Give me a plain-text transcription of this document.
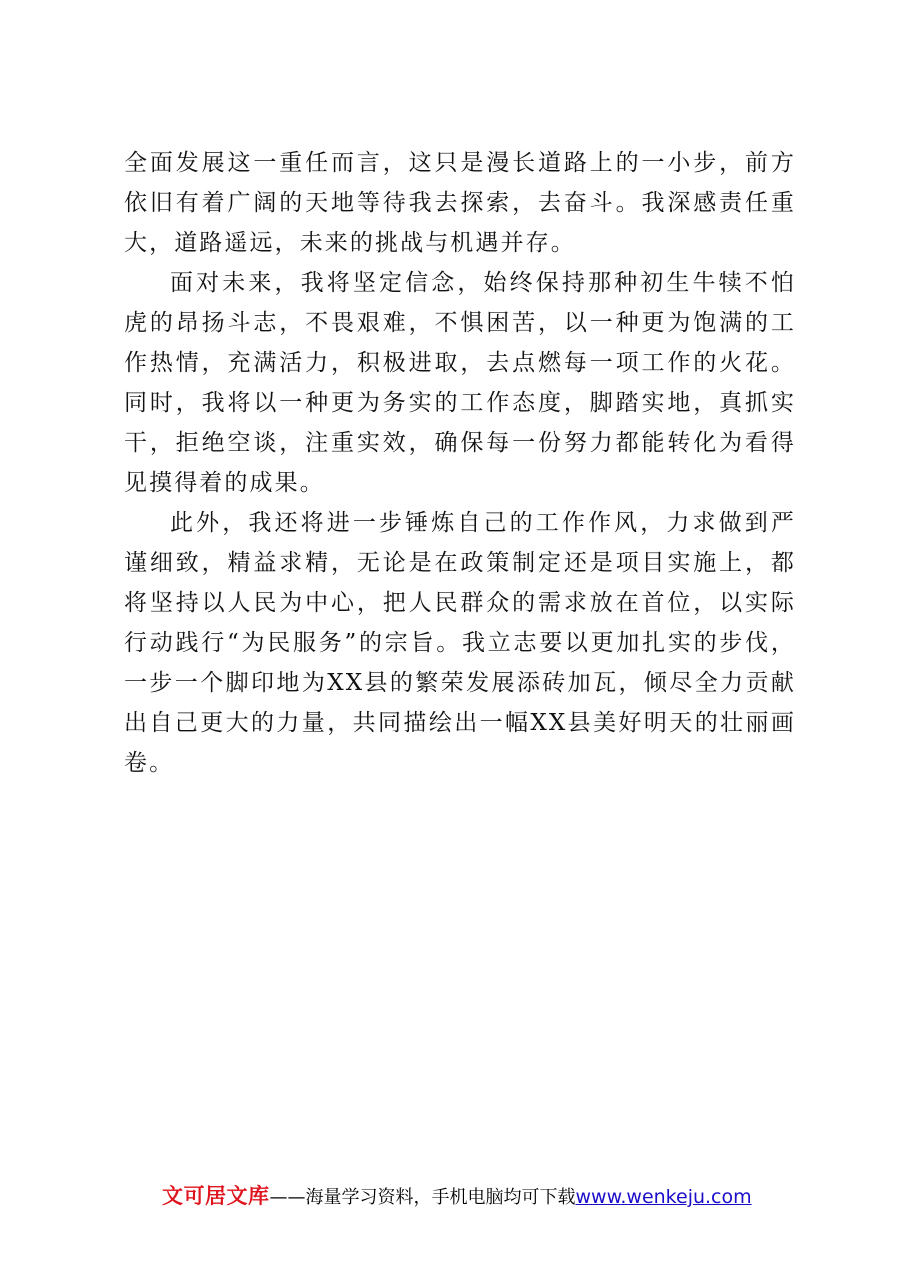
全面发展这一重任而言，这只是漫长道路上的一小步，前方依旧有着广阔的天地等待我去探索，去奋斗。我深感责任重大，道路遥远，未来的挑战与机遇并存。

面对未来，我将坚定信念，始终保持那种初生牛犊不怕虎的昂扬斗志，不畏艰难，不惧困苦，以一种更为饱满的工作热情，充满活力，积极进取，去点燃每一项工作的火花。同时，我将以一种更为务实的工作态度，脚踏实地，真抓实干，拒绝空谈，注重实效，确保每一份努力都能转化为看得见摸得着的成果。

此外，我还将进一步锤炼自己的工作作风，力求做到严谨细致，精益求精，无论是在政策制定还是项目实施上，都将坚持以人民为中心，把人民群众的需求放在首位，以实际行动践行“为民服务”的宗旨。我立志要以更加扎实的步伐，一步一个脚印地为XX县的繁荣发展添砖加瓦，倾尽全力贡献出自己更大的力量，共同描绘出一幅XX县美好明天的壮丽画卷。

文可居文库——海量学习资料，手机电脑均可下载www.wenkeju.com
